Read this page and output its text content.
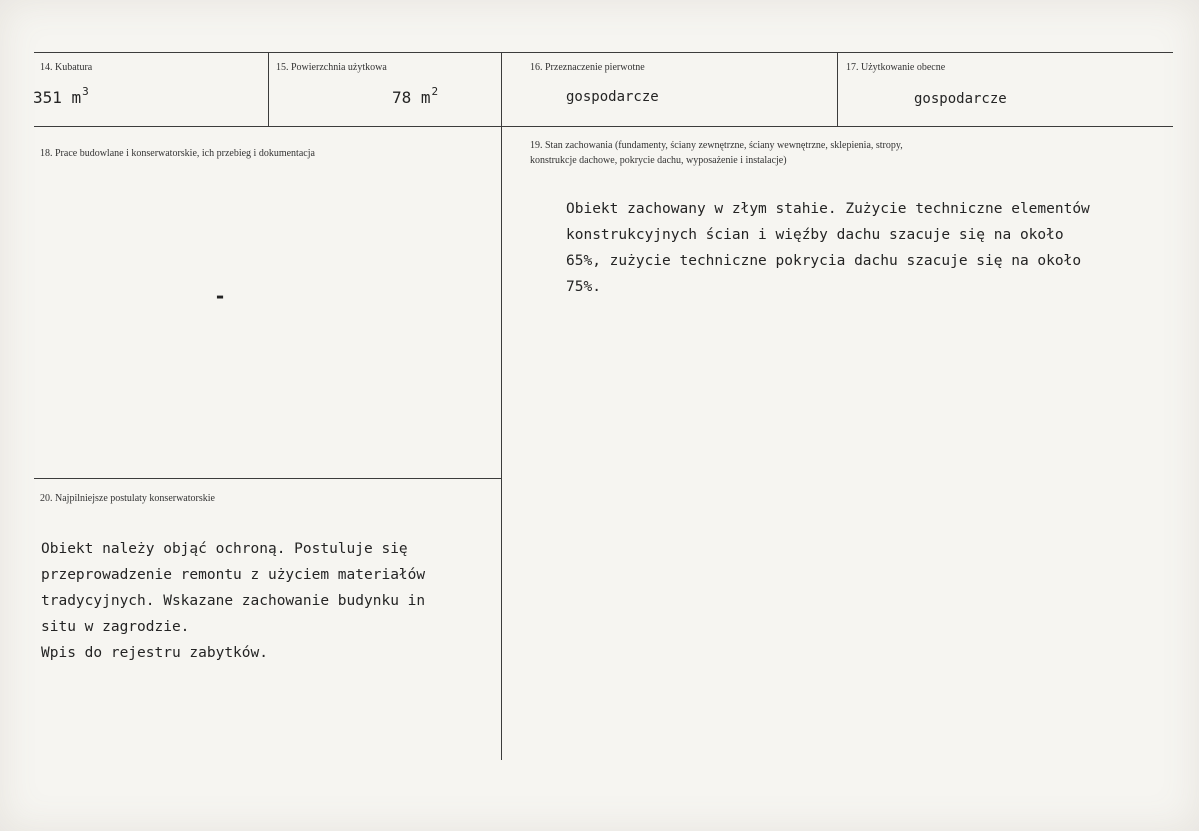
14. Kubatura
351 $m^3$
15. Powierzchnia użytkowa
78 $m^2$
16. Przeznaczenie pierwotne
gospodarcze
17. Użytkowanie obecne
gospodarcze
18. Prace budowlane i konserwatorskie, ich przebieg i dokumentacja
-
19. Stan zachowania (fundamenty, ściany zewnętrzne, ściany wewnętrzne, sklepienia, stropy,
konstrukcje dachowe, pokrycie dachu, wyposażenie i instalacje)
Obiekt zachowany w złym stahie. Zużycie techniczne elementów
konstrukcyjnych ścian i więźby dachu szacuje się na około
65%, zużycie techniczne pokrycia dachu szacuje się na około
75%.
20. Najpilniejsze postulaty konserwatorskie
Obiekt należy objąć ochroną. Postuluje się
przeprowadzenie remontu z użyciem materiałów
tradycyjnych. Wskazane zachowanie budynku in
situ w zagrodzie.
Wpis do rejestru zabytków.
